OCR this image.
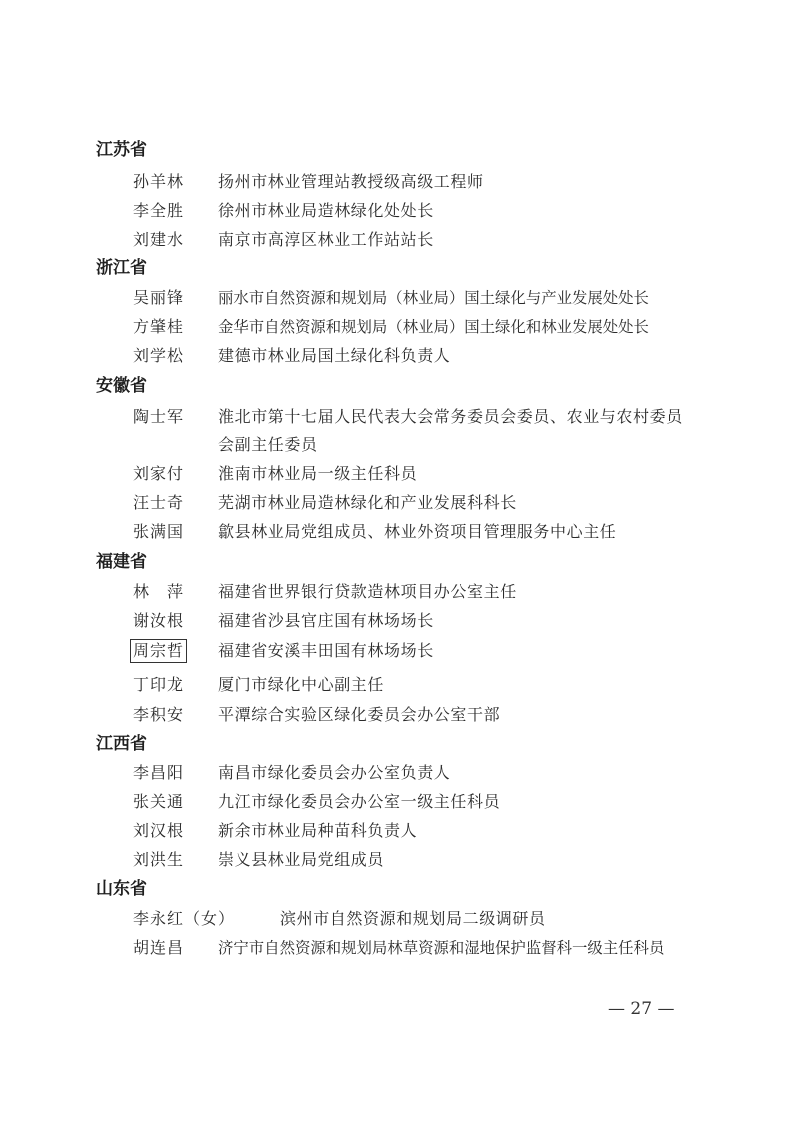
江苏省
孙羊林 扬州市林业管理站教授级高级工程师
李全胜 徐州市林业局造林绿化处处长
刘建水 南京市高淳区林业工作站站长
浙江省
吴丽锋 丽水市自然资源和规划局（林业局）国土绿化与产业发展处处长
方肇桂 金华市自然资源和规划局（林业局）国土绿化和林业发展处处长
刘学松 建德市林业局国土绿化科负责人
安徽省
陶士军 淮北市第十七届人民代表大会常务委员会委员、农业与农村委员会副主任委员
刘家付 淮南市林业局一级主任科员
汪士奇 芜湖市林业局造林绿化和产业发展科科长
张满国 歙县林业局党组成员、林业外资项目管理服务中心主任
福建省
林　萍 福建省世界银行贷款造林项目办公室主任
谢汝根 福建省沙县官庄国有林场场长
周宗哲 福建省安溪丰田国有林场场长
丁印龙 厦门市绿化中心副主任
李积安 平潭综合实验区绿化委员会办公室干部
江西省
李昌阳 南昌市绿化委员会办公室负责人
张关通 九江市绿化委员会办公室一级主任科员
刘汉根 新余市林业局种苗科负责人
刘洪生 崇义县林业局党组成员
山东省
李永红（女）	滨州市自然资源和规划局二级调研员
胡连昌 济宁市自然资源和规划局林草资源和湿地保护监督科一级主任科员
— 27 —
